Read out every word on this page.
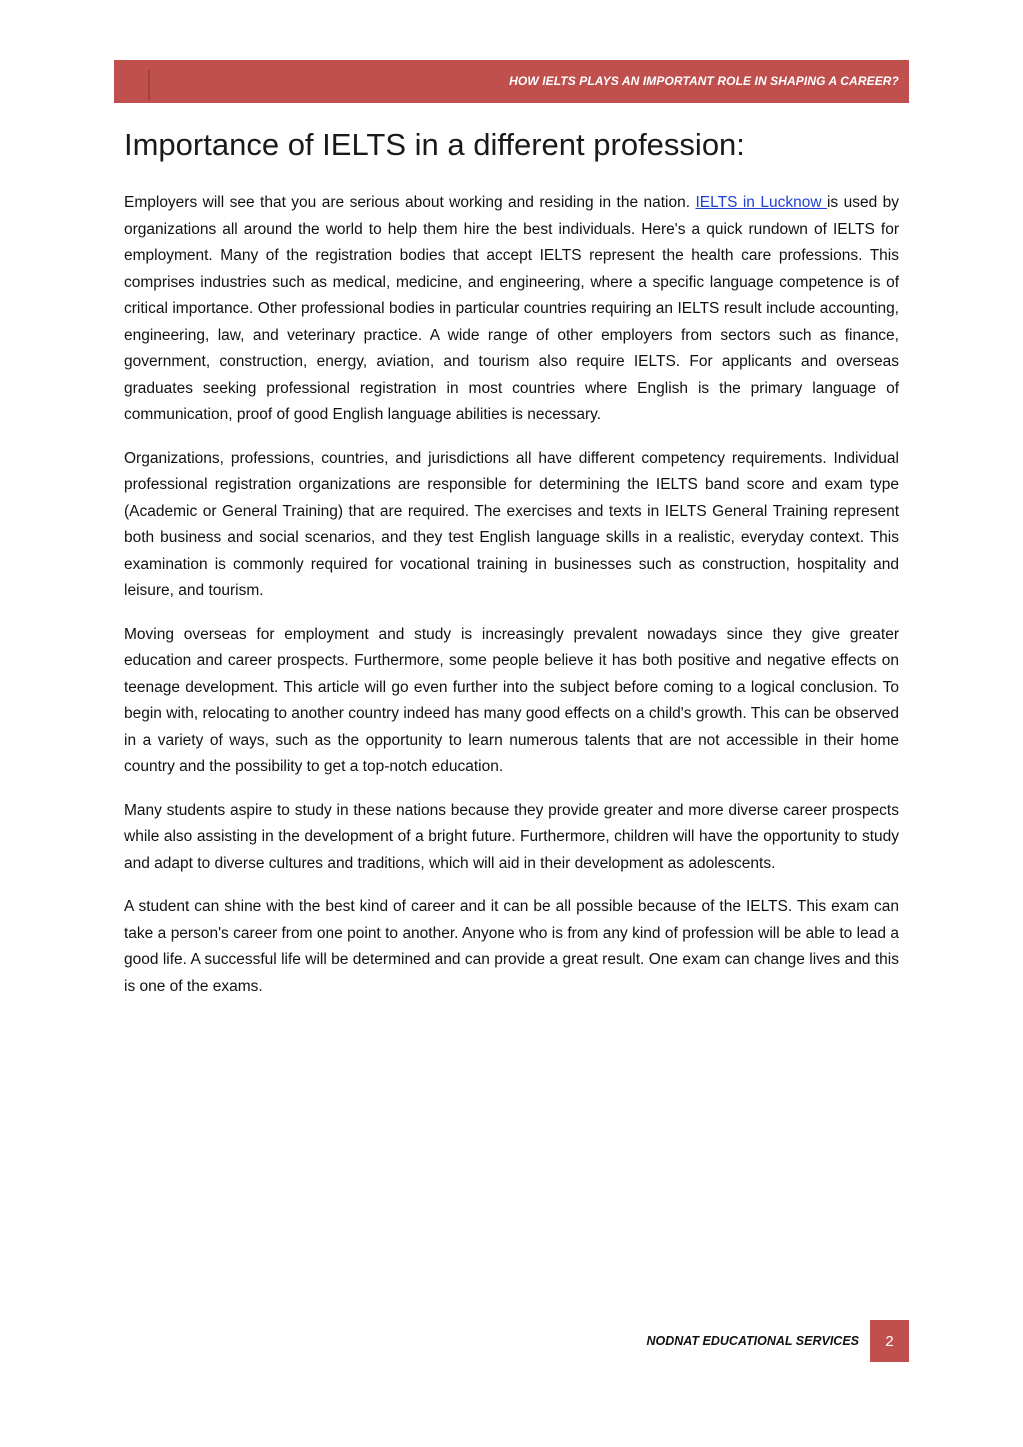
HOW IELTS PLAYS AN IMPORTANT ROLE IN SHAPING A CAREER?
Importance of IELTS in a different profession:

Employers will see that you are serious about working and residing in the nation. IELTS in Lucknow is used by organizations all around the world to help them hire the best individuals. Here's a quick rundown of IELTS for employment. Many of the registration bodies that accept IELTS represent the health care professions. This comprises industries such as medical, medicine, and engineering, where a specific language competence is of critical importance. Other professional bodies in particular countries requiring an IELTS result include accounting, engineering, law, and veterinary practice. A wide range of other employers from sectors such as finance, government, construction, energy, aviation, and tourism also require IELTS. For applicants and overseas graduates seeking professional registration in most countries where English is the primary language of communication, proof of good English language abilities is necessary.

Organizations, professions, countries, and jurisdictions all have different competency requirements. Individual professional registration organizations are responsible for determining the IELTS band score and exam type (Academic or General Training) that are required. The exercises and texts in IELTS General Training represent both business and social scenarios, and they test English language skills in a realistic, everyday context. This examination is commonly required for vocational training in businesses such as construction, hospitality and leisure, and tourism.

Moving overseas for employment and study is increasingly prevalent nowadays since they give greater education and career prospects. Furthermore, some people believe it has both positive and negative effects on teenage development. This article will go even further into the subject before coming to a logical conclusion. To begin with, relocating to another country indeed has many good effects on a child's growth. This can be observed in a variety of ways, such as the opportunity to learn numerous talents that are not accessible in their home country and the possibility to get a top-notch education.

Many students aspire to study in these nations because they provide greater and more diverse career prospects while also assisting in the development of a bright future. Furthermore, children will have the opportunity to study and adapt to diverse cultures and traditions, which will aid in their development as adolescents.

A student can shine with the best kind of career and it can be all possible because of the IELTS. This exam can take a person's career from one point to another. Anyone who is from any kind of profession will be able to lead a good life. A successful life will be determined and can provide a great result. One exam can change lives and this is one of the exams.

NODNAT EDUCATIONAL SERVICES	2
